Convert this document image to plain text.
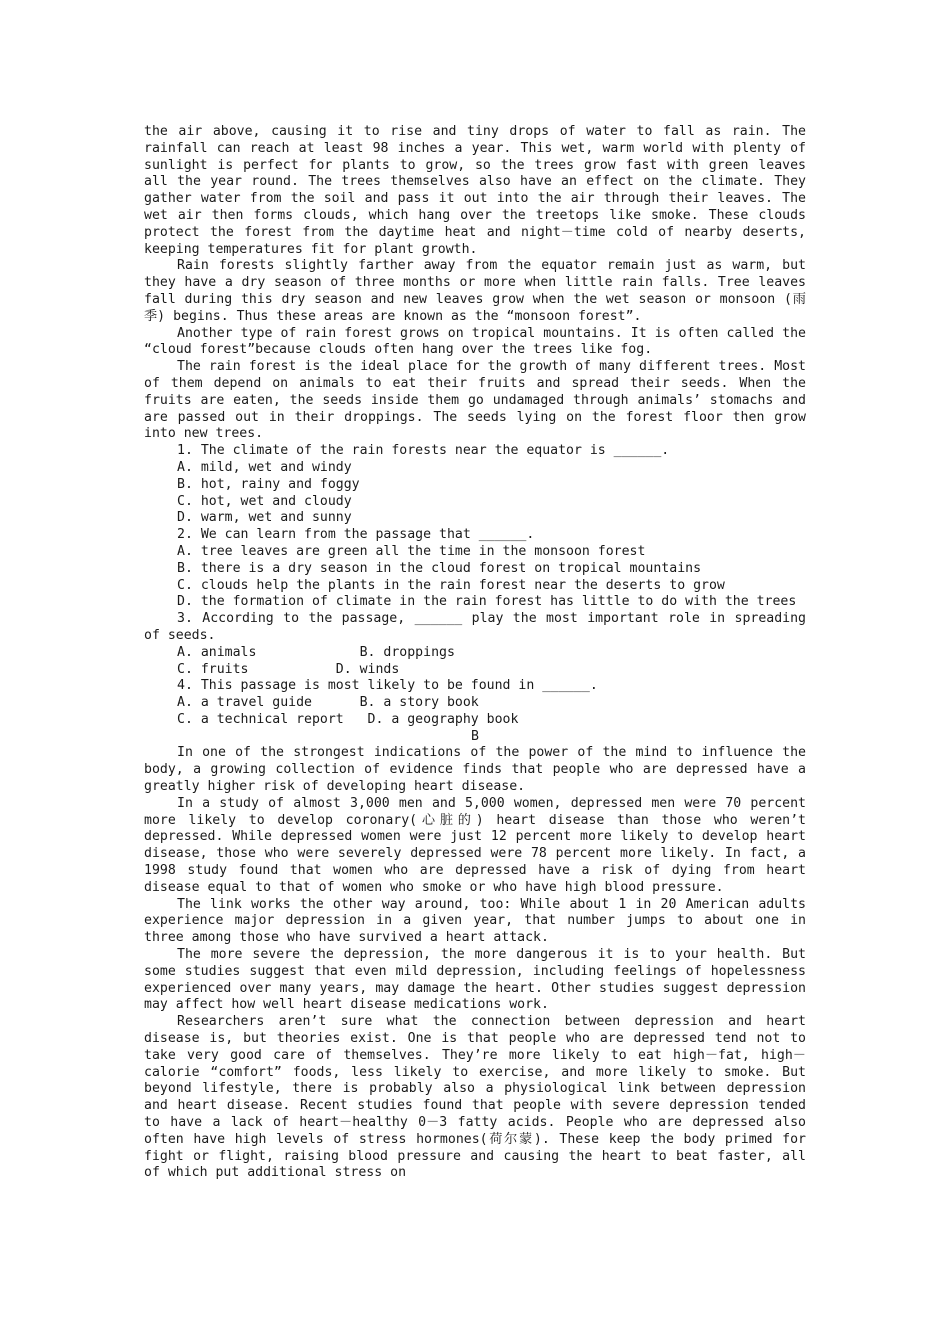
the air above, causing it to rise and tiny drops of water to fall as rain. The rainfall can reach at least 98 inches a year. This wet, warm world with plenty of sunlight is perfect for plants to grow, so the trees grow fast with green leaves all the year round. The trees themselves also have an effect on the climate. They gather water from the soil and pass it out into the air through their leaves. The wet air then forms clouds, which hang over the treetops like smoke. These clouds protect the forest from the daytime heat and night－time cold of nearby deserts, keeping temperatures fit for plant growth.

Rain forests slightly farther away from the equator remain just as warm, but they have a dry season of three months or more when little rain falls. Tree leaves fall during this dry season and new leaves grow when the wet season or monsoon (雨季) begins. Thus these areas are known as the “monsoon forest”.

Another type of rain forest grows on tropical mountains. It is often called the “cloud forest”because clouds often hang over the trees like fog.

The rain forest is the ideal place for the growth of many different trees. Most of them depend on animals to eat their fruits and spread their seeds. When the fruits are eaten, the seeds inside them go undamaged through animals’ stomachs and are passed out in their droppings. The seeds lying on the forest floor then grow into new trees.

1. The climate of the rain forests near the equator is ______.

A. mild, wet and windy

B. hot, rainy and foggy

C. hot, wet and cloudy

D. warm, wet and sunny

2. We can learn from the passage that ______.

A. tree leaves are green all the time in the monsoon forest

B. there is a dry season in the cloud forest on tropical mountains

C. clouds help the plants in the rain forest near the deserts to grow

D. the formation of climate in the rain forest has little to do with the trees

3. According to the passage, ______ play the most important role in spreading of seeds.

A. animals             B. droppings

C. fruits           D. winds

4. This passage is most likely to be found in ______.

A. a travel guide      B. a story book

C. a technical report   D. a geography book

B

In one of the strongest indications of the power of the mind to influence the body, a growing collection of evidence finds that people who are depressed have a greatly higher risk of developing heart disease.

In a study of almost 3,000 men and 5,000 women, depressed men were 70 percent more likely to develop coronary(心脏的) heart disease than those who weren’t depressed. While depressed women were just 12 percent more likely to develop heart disease, those who were severely depressed were 78 percent more likely. In fact, a 1998 study found that women who are depressed have a risk of dying from heart disease equal to that of women who smoke or who have high blood pressure.

The link works the other way around, too: While about 1 in 20 American adults experience major depression in a given year, that number jumps to about one in three among those who have survived a heart attack.

The more severe the depression, the more dangerous it is to your health. But some studies suggest that even mild depression, including feelings of hopelessness experienced over many years, may damage the heart. Other studies suggest depression may affect how well heart disease medications work.

Researchers aren’t sure what the connection between depression and heart disease is, but theories exist. One is that people who are depressed tend not to take very good care of themselves. They’re more likely to eat high－fat, high－calorie “comfort” foods, less likely to exercise, and more likely to smoke. But beyond lifestyle, there is probably also a physiological link between depression and heart disease. Recent studies found that people with severe depression tended to have a lack of heart－healthy 0－3 fatty acids. People who are depressed also often have high levels of stress hormones(荷尔蒙). These keep the body primed for fight or flight, raising blood pressure and causing the heart to beat faster, all of which put additional stress on
